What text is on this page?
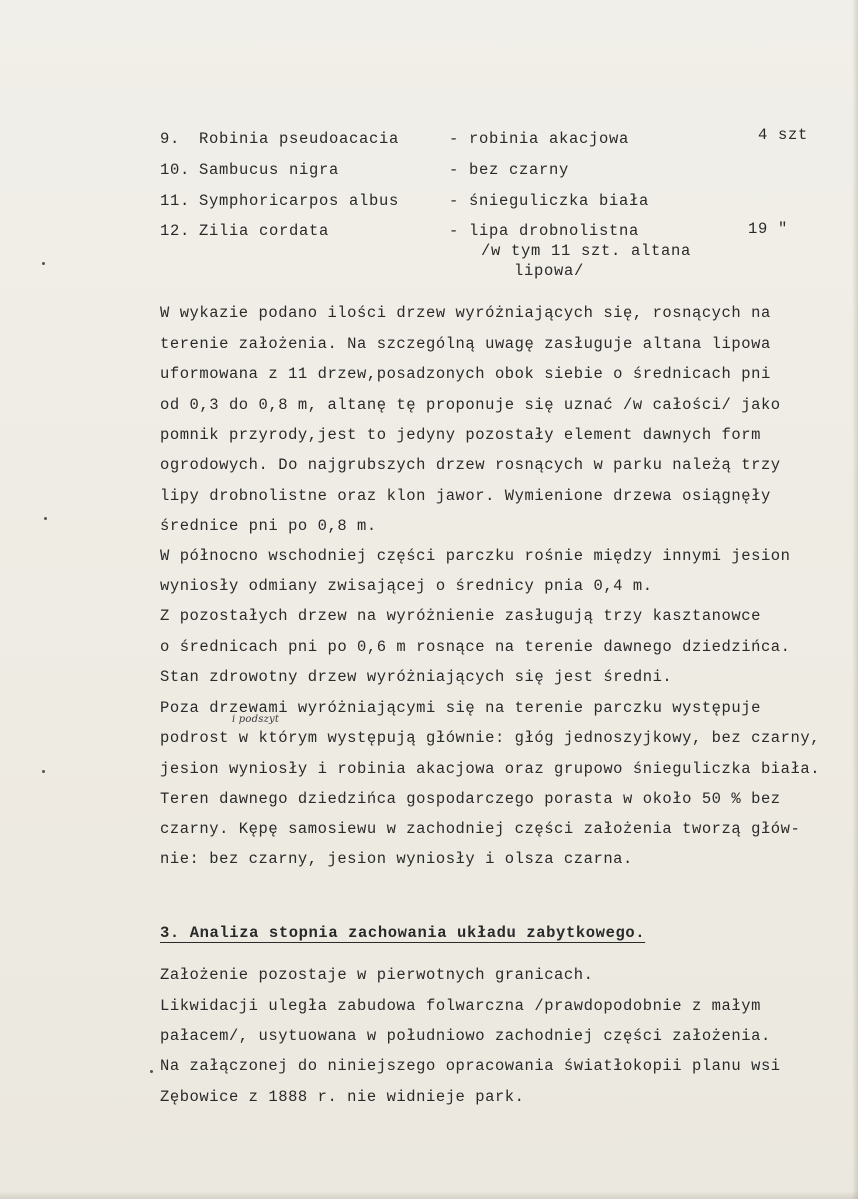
9. Robinia pseudoacacia	- robinia akacjowa	4 szt
10. Sambucus nigra	- bez czarny
11. Symphoricarpos albus	- śnieguliczka biała
12. Zilia cordata	- lipa drobnolistna	19 "
/w tym 11 szt. altana
lipowa/
W wykazie podano ilości drzew wyróżniających się, rosnących na
terenie założenia. Na szczególną uwagę zasługuje altana lipowa
uformowana z 11 drzew,posadzonych obok siebie o średnicach pni
od 0,3 do 0,8 m, altanę tę proponuje się uznać /w całości/ jako
pomnik przyrody,jest to jedyny pozostały element dawnych form
ogrodowych. Do najgrubszych drzew rosnących w parku należą trzy
lipy drobnolistne oraz klon jawor. Wymienione drzewa osiągnęły
średnice pni po 0,8 m.
W północno wschodniej części parczku rośnie między innymi jesion
wyniosły odmiany zwisającej o średnicy pnia 0,4 m.
Z pozostałych drzew na wyróżnienie zasługują trzy kasztanowce
o średnicach pni po 0,6 m rosnące na terenie dawnego dziedzińca.
Stan zdrowotny drzew wyróżniających się jest średni.
Poza drzewami wyróżniającymi się na terenie parczku występuje
i podszyt
podrost w którym występują głównie: głóg jednoszyjkowy, bez czarny,
jesion wyniosły i robinia akacjowa oraz grupowo śnieguliczka biała.
Teren dawnego dziedzińca gospodarczego porasta w około 50 % bez
czarny. Kępę samosiewu w zachodniej części założenia tworzą głów-
nie: bez czarny, jesion wyniosły i olsza czarna.
3. Analiza stopnia zachowania układu zabytkowego.
Założenie pozostaje w pierwotnych granicach.
Likwidacji uległa zabudowa folwarczna /prawdopodobnie z małym
pałacem/, usytuowana w południowo zachodniej części założenia.
Na załączonej do niniejszego opracowania światłokopii planu wsi
Zębowice z 1888 r. nie widnieje park.
